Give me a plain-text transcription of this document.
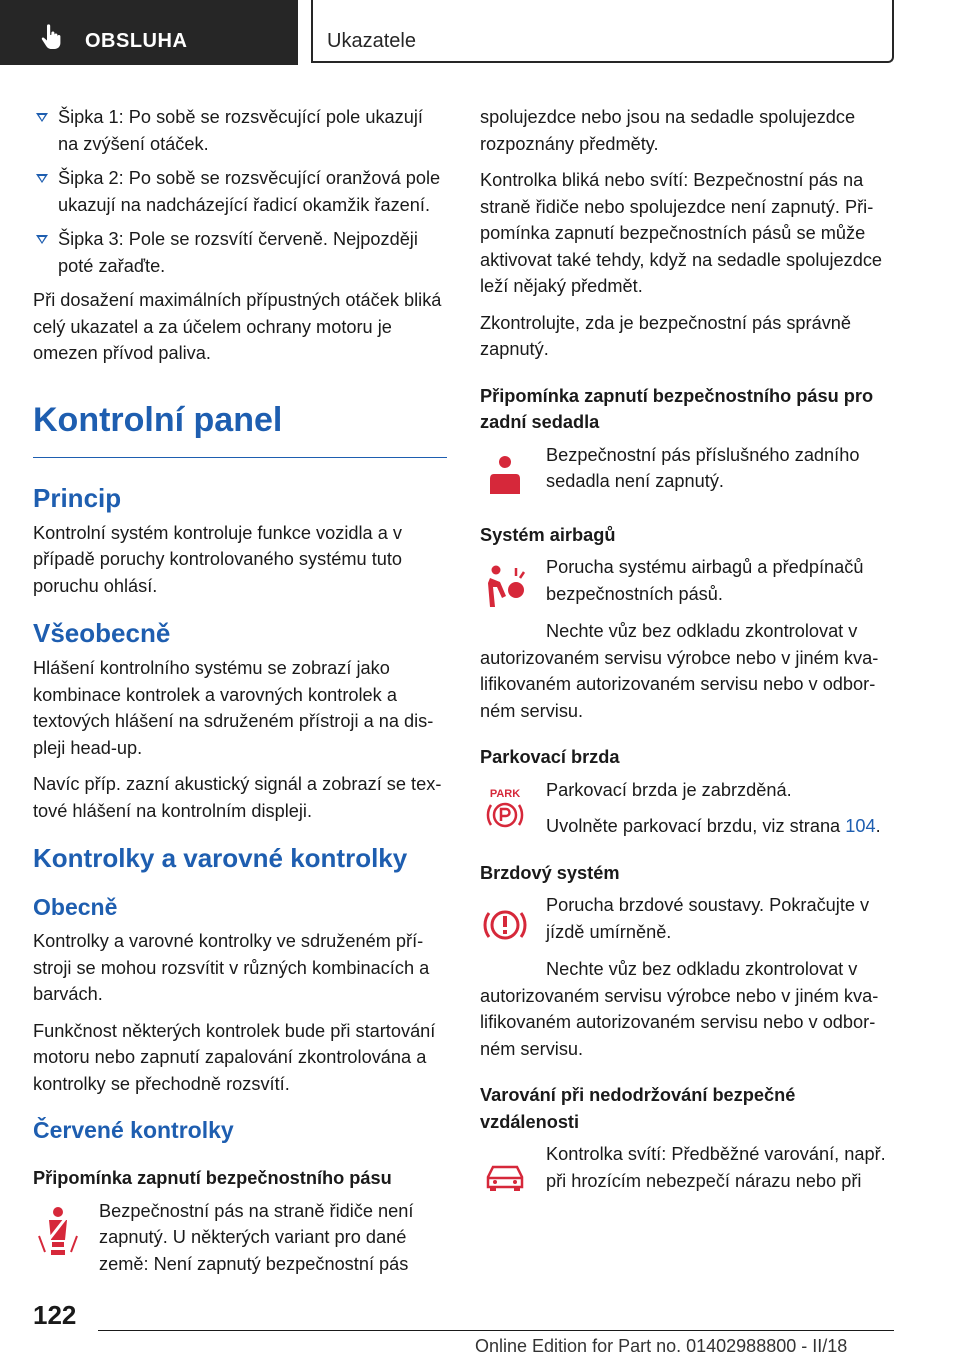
OBSLUHA	Ukazatele
Šipka 1: Po sobě se rozsvěcující pole ukazují na zvýšení otáček.
Šipka 2: Po sobě se rozsvěcující oranžová pole ukazují na nadcházející řadicí okamžik řazení.
Šipka 3: Pole se rozsvítí červeně. Nejpozději poté zařaďte.

Při dosažení maximálních přípustných otáček bliká celý ukazatel a za účelem ochrany motoru je omezen přívod paliva.

Kontrolní panel
Princip

Kontrolní systém kontroluje funkce vozidla a v případě poruchy kontrolovaného systému tuto poruchu ohlásí.

Všeobecně

Hlášení kontrolního systému se zobrazí jako kombinace kontrolek a varovných kontrolek a textových hlášení na sdruženém přístroji a na displeji head-up.

Navíc příp. zazní akustický signál a zobrazí se textové hlášení na kontrolním displeji.

Kontrolky a varovné kontrolky
Obecně

Kontrolky a varovné kontrolky ve sdruženém přístroji se mohou rozsvítit v různých kombinacích a barvách.

Funkčnost některých kontrolek bude při startování motoru nebo zapnutí zapalování zkontrolována a kontrolky se přechodně rozsvítí.

Červené kontrolky
Připomínka zapnutí bezpečnostního pásu

Bezpečnostní pás na straně řidiče není zapnutý. U některých variant pro dané země: Není zapnutý bezpečnostní pás

spolujezdce nebo jsou na sedadle spolujezdce rozpoznány předměty.

Kontrolka bliká nebo svítí: Bezpečnostní pás na straně řidiče nebo spolujezdce není zapnutý. Připomínka zapnutí bezpečnostních pásů se může aktivovat také tehdy, když na sedadle spolujezdce leží nějaký předmět.

Zkontrolujte, zda je bezpečnostní pás správně zapnutý.

Připomínka zapnutí bezpečnostního pásu pro zadní sedadla

Bezpečnostní pás příslušného zadního sedadla není zapnutý.

Systém airbagů

Porucha systému airbagů a předpínačů bezpečnostních pásů.

Nechte vůz bez odkladu zkontrolovat v autorizovaném servisu výrobce nebo v jiném kvalifikovaném autorizovaném servisu nebo v odborném servisu.

Parkovací brzda
PARK Parkovací brzda je zabrzděná.

Uvolněte parkovací brzdu, viz strana 104.

Brzdový systém

Porucha brzdové soustavy. Pokračujte v jízdě umírněně.

Nechte vůz bez odkladu zkontrolovat v autorizovaném servisu výrobce nebo v jiném kvalifikovaném autorizovaném servisu nebo v odborném servisu.

Varování při nedodržování bezpečné vzdálenosti

Kontrolka svítí: Předběžné varování, např. při hrozícím nebezpečí nárazu nebo při

122
Online Edition for Part no. 01402988800 - II/18
